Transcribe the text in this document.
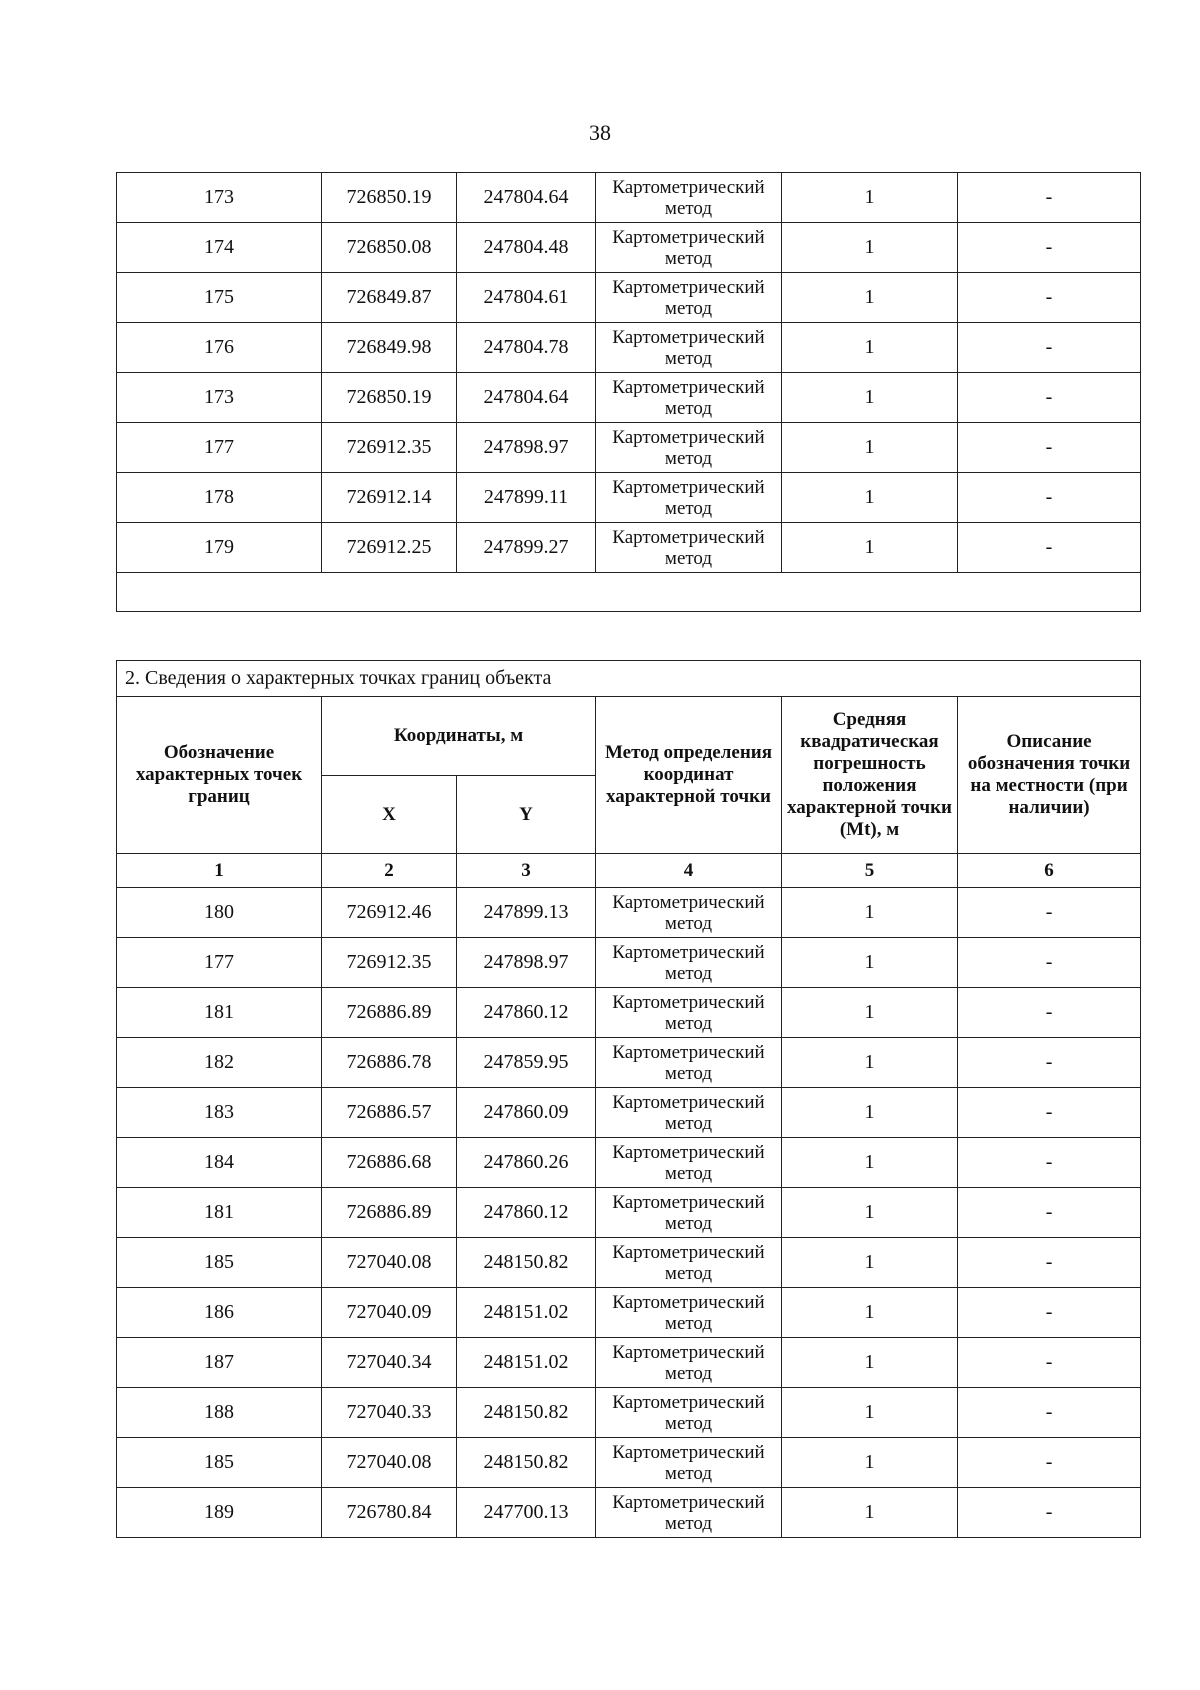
38
173	726850.19	247804.64	Картометрический метод	1	-
174	726850.08	247804.48	Картометрический метод	1	-
175	726849.87	247804.61	Картометрический метод	1	-
176	726849.98	247804.78	Картометрический метод	1	-
173	726850.19	247804.64	Картометрический метод	1	-
177	726912.35	247898.97	Картометрический метод	1	-
178	726912.14	247899.11	Картометрический метод	1	-
179	726912.25	247899.27	Картометрический метод	1	-

2. Сведения о характерных точках границ объекта					
Обозначение характерных точек границ	Координаты, м		Метод определения координат характерной точки	Средняя квадратическая погрешность положения характерной точки (Mt), м	Описание обозначения точки на местности (при наличии)
	X	Y			
1	2	3	4	5	6
180	726912.46	247899.13	Картометрический метод	1	-
177	726912.35	247898.97	Картометрический метод	1	-
181	726886.89	247860.12	Картометрический метод	1	-
182	726886.78	247859.95	Картометрический метод	1	-
183	726886.57	247860.09	Картометрический метод	1	-
184	726886.68	247860.26	Картометрический метод	1	-
181	726886.89	247860.12	Картометрический метод	1	-
185	727040.08	248150.82	Картометрический метод	1	-
186	727040.09	248151.02	Картометрический метод	1	-
187	727040.34	248151.02	Картометрический метод	1	-
188	727040.33	248150.82	Картометрический метод	1	-
185	727040.08	248150.82	Картометрический метод	1	-
189	726780.84	247700.13	Картометрический метод	1	-
